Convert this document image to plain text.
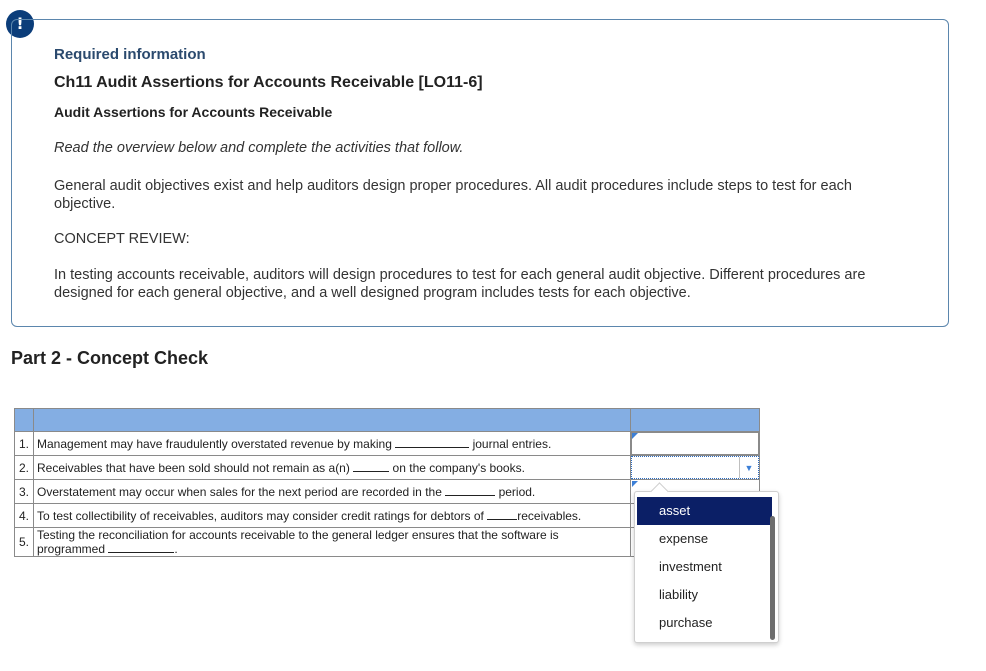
!
Required information
Ch11 Audit Assertions for Accounts Receivable [LO11-6]
Audit Assertions for Accounts Receivable
Read the overview below and complete the activities that follow.
General audit objectives exist and help auditors design proper procedures. All audit procedures include steps to test for each objective.
CONCEPT REVIEW:
In testing accounts receivable, auditors will design procedures to test for each general audit objective. Different procedures are designed for each general objective, and a well designed program includes tests for each objective.
Part 2 - Concept Check

1.	Management may have fraudulently overstated revenue by making journal entries.	

2.	Receivables that have been sold should not remain as a(n) on the company's books.	▼

3.	Overstatement may occur when sales for the next period are recorded in the period.	

4.	To test collectibility of receivables, auditors may consider credit ratings for debtors of receivables.	
5.	Testing the reconciliation for accounts receivable to the general ledger ensures that the software is programmed .	
asset
expense
investment
liability
purchase
